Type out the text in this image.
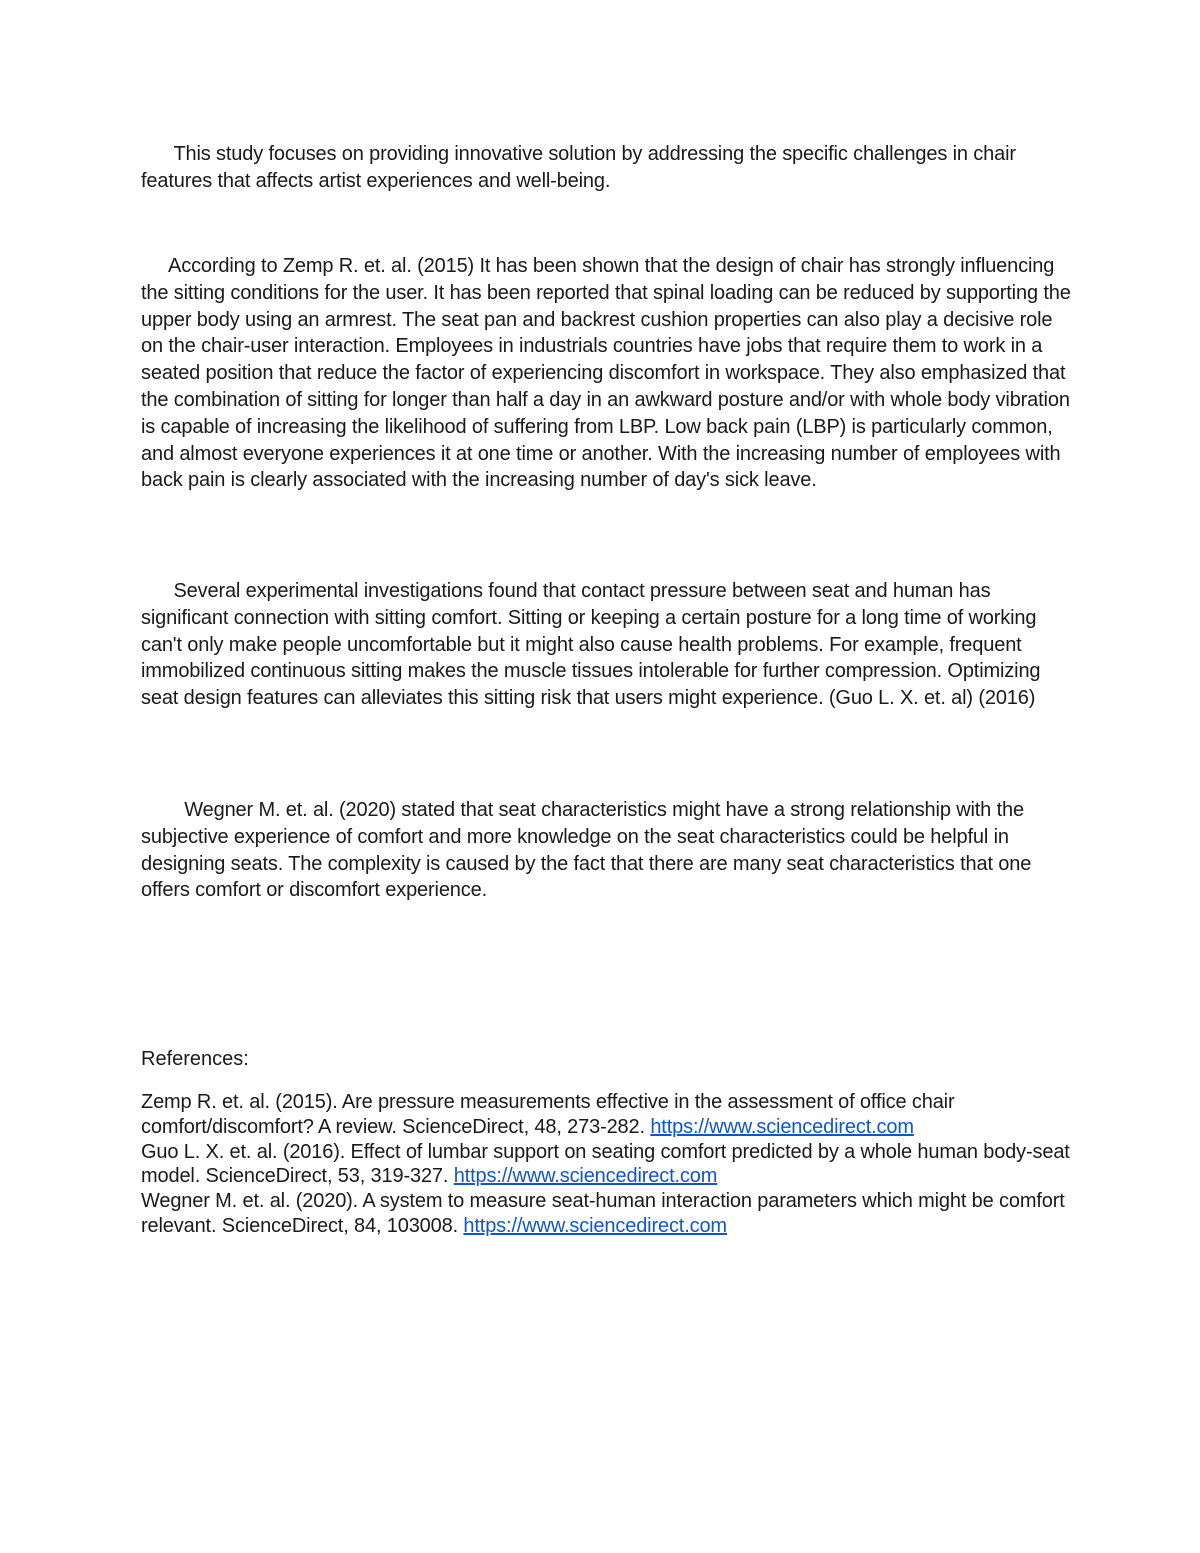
This study focuses on providing innovative solution by addressing the specific challenges in chair features that affects artist experiences and well-being.

According to Zemp R. et. al. (2015) It has been shown that the design of chair has strongly influencing the sitting conditions for the user. It has been reported that spinal loading can be reduced by supporting the upper body using an armrest. The seat pan and backrest cushion properties can also play a decisive role on the chair-user interaction. Employees in industrials countries have jobs that require them to work in a seated position that reduce the factor of experiencing discomfort in workspace. They also emphasized that the combination of sitting for longer than half a day in an awkward posture and/or with whole body vibration is capable of increasing the likelihood of suffering from LBP. Low back pain (LBP) is particularly common, and almost everyone experiences it at one time or another. With the increasing number of employees with back pain is clearly associated with the increasing number of day's sick leave.

Several experimental investigations found that contact pressure between seat and human has significant connection with sitting comfort. Sitting or keeping a certain posture for a long time of working can't only make people uncomfortable but it might also cause health problems. For example, frequent immobilized continuous sitting makes the muscle tissues intolerable for further compression. Optimizing seat design features can alleviates this sitting risk that users might experience. (Guo L. X. et. al) (2016)

Wegner M. et. al. (2020) stated that seat characteristics might have a strong relationship with the subjective experience of comfort and more knowledge on the seat characteristics could be helpful in designing seats. The complexity is caused by the fact that there are many seat characteristics that one offers comfort or discomfort experience.

References:
Zemp R. et. al. (2015). Are pressure measurements effective in the assessment of office chair comfort/discomfort? A review. ScienceDirect, 48, 273-282. https://www.sciencedirect.com
Guo L. X. et. al. (2016). Effect of lumbar support on seating comfort predicted by a whole human body-seat model. ScienceDirect, 53, 319-327. https://www.sciencedirect.com
Wegner M. et. al. (2020). A system to measure seat-human interaction parameters which might be comfort relevant. ScienceDirect, 84, 103008. https://www.sciencedirect.com
